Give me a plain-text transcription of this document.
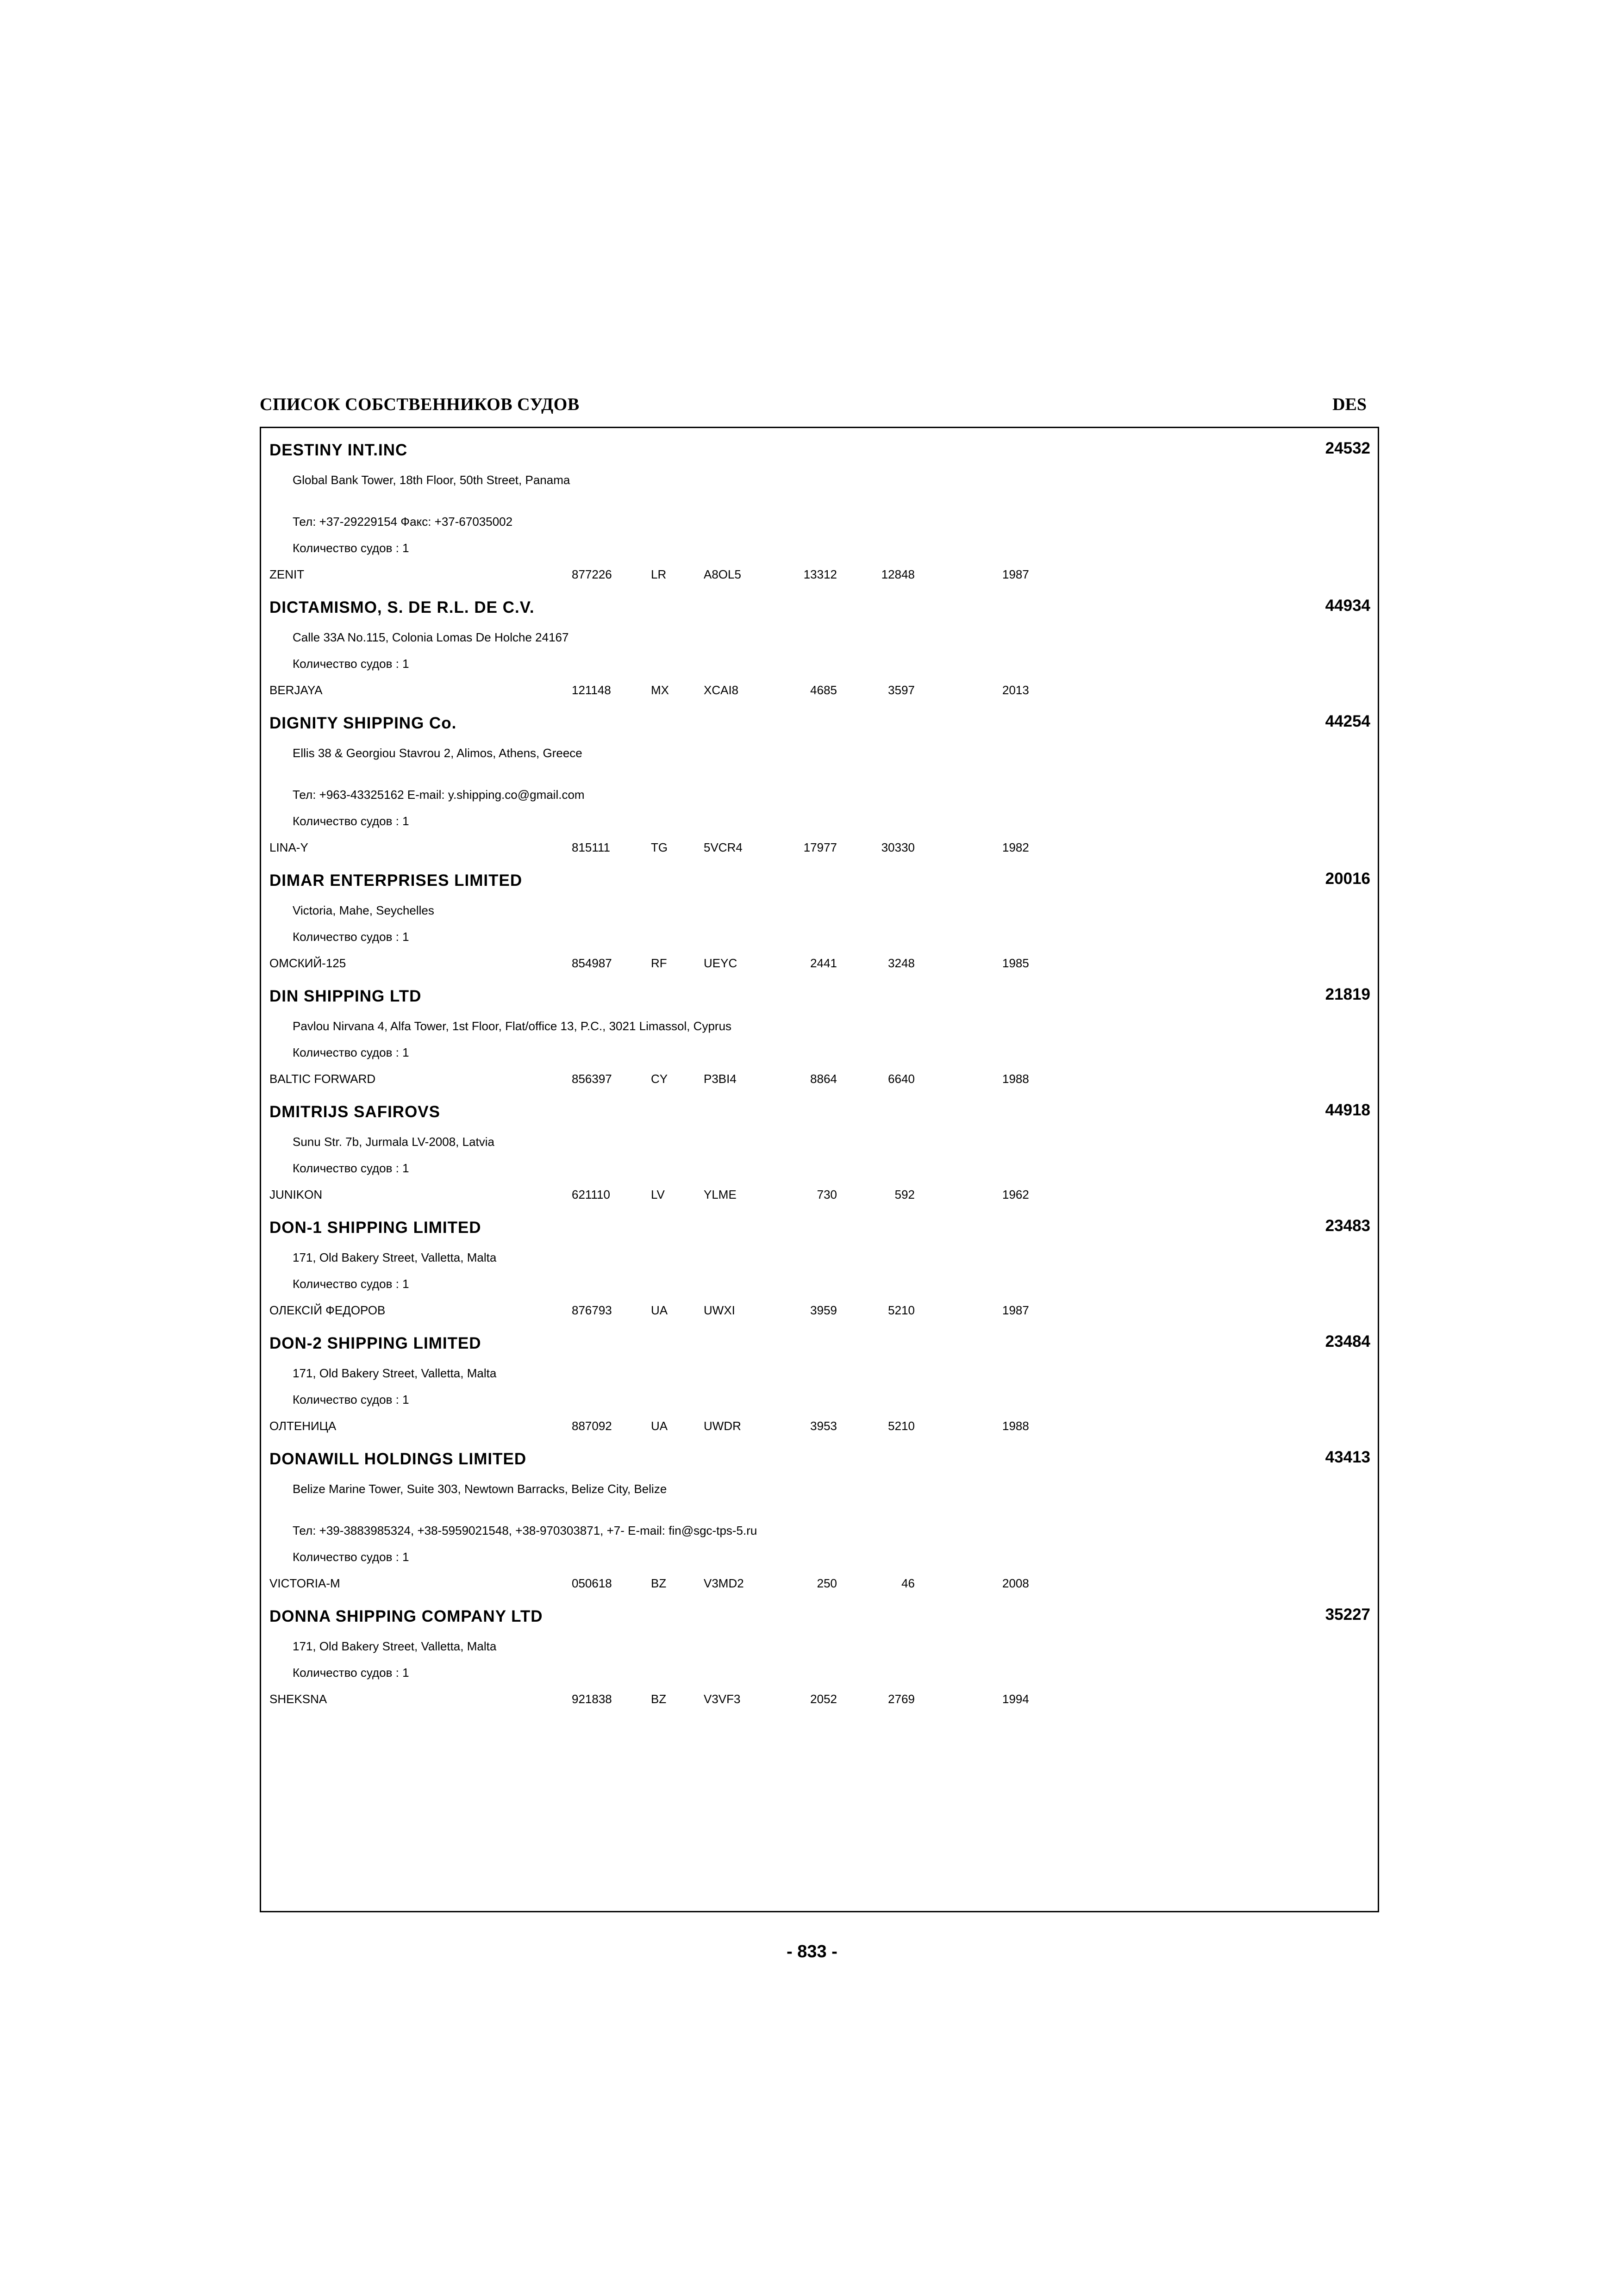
СПИСОК СОБСТВЕННИКОВ СУДОВ	DES
DESTINY INT.INC	24532
Global Bank Tower, 18th Floor, 50th Street, Panama
Тел: +37-29229154 Факс: +37-67035002
Количество судов : 1
ZENIT	877226	LR	A8OL5	13312	12848	1987
DICTAMISMO, S. DE R.L. DE C.V.	44934
Calle 33A No.115, Colonia Lomas De Holche 24167
Количество судов : 1
BERJAYA	121148	MX	XCAI8	4685	3597	2013
DIGNITY SHIPPING Co.	44254
Ellis 38 & Georgiou Stavrou 2, Alimos, Athens, Greece
Тел: +963-43325162 E-mail: y.shipping.co@gmail.com
Количество судов : 1
LINA-Y	815111	TG	5VCR4	17977	30330	1982
DIMAR ENTERPRISES LIMITED	20016
Victoria, Mahe, Seychelles
Количество судов : 1
ОМСКИЙ-125	854987	RF	UEYC	2441	3248	1985
DIN SHIPPING LTD	21819
Pavlou Nirvana 4, Alfa Tower, 1st Floor, Flat/office 13, P.C., 3021 Limassol, Cyprus
Количество судов : 1
BALTIC FORWARD	856397	CY	P3BI4	8864	6640	1988
DMITRIJS SAFIROVS	44918
Sunu Str. 7b, Jurmala LV-2008, Latvia
Количество судов : 1
JUNIKON	621110	LV	YLME	730	592	1962
DON-1 SHIPPING LIMITED	23483
171, Old Bakery Street, Valletta, Malta
Количество судов : 1
ОЛЕКСІЙ ФЕДОРОВ	876793	UA	UWXI	3959	5210	1987
DON-2 SHIPPING LIMITED	23484
171, Old Bakery Street, Valletta, Malta
Количество судов : 1
ОЛТЕНИЦА	887092	UA	UWDR	3953	5210	1988
DONAWILL HOLDINGS LIMITED	43413
Belize Marine Tower, Suite 303, Newtown Barracks, Belize City, Belize
Тел: +39-3883985324, +38-5959021548, +38-970303871, +7- E-mail: fin@sgc-tps-5.ru
Количество судов : 1
VICTORIA-M	050618	BZ	V3MD2	250	46	2008
DONNA SHIPPING COMPANY LTD	35227
171, Old Bakery Street, Valletta, Malta
Количество судов : 1
SHEKSNA	921838	BZ	V3VF3	2052	2769	1994
- 833 -
